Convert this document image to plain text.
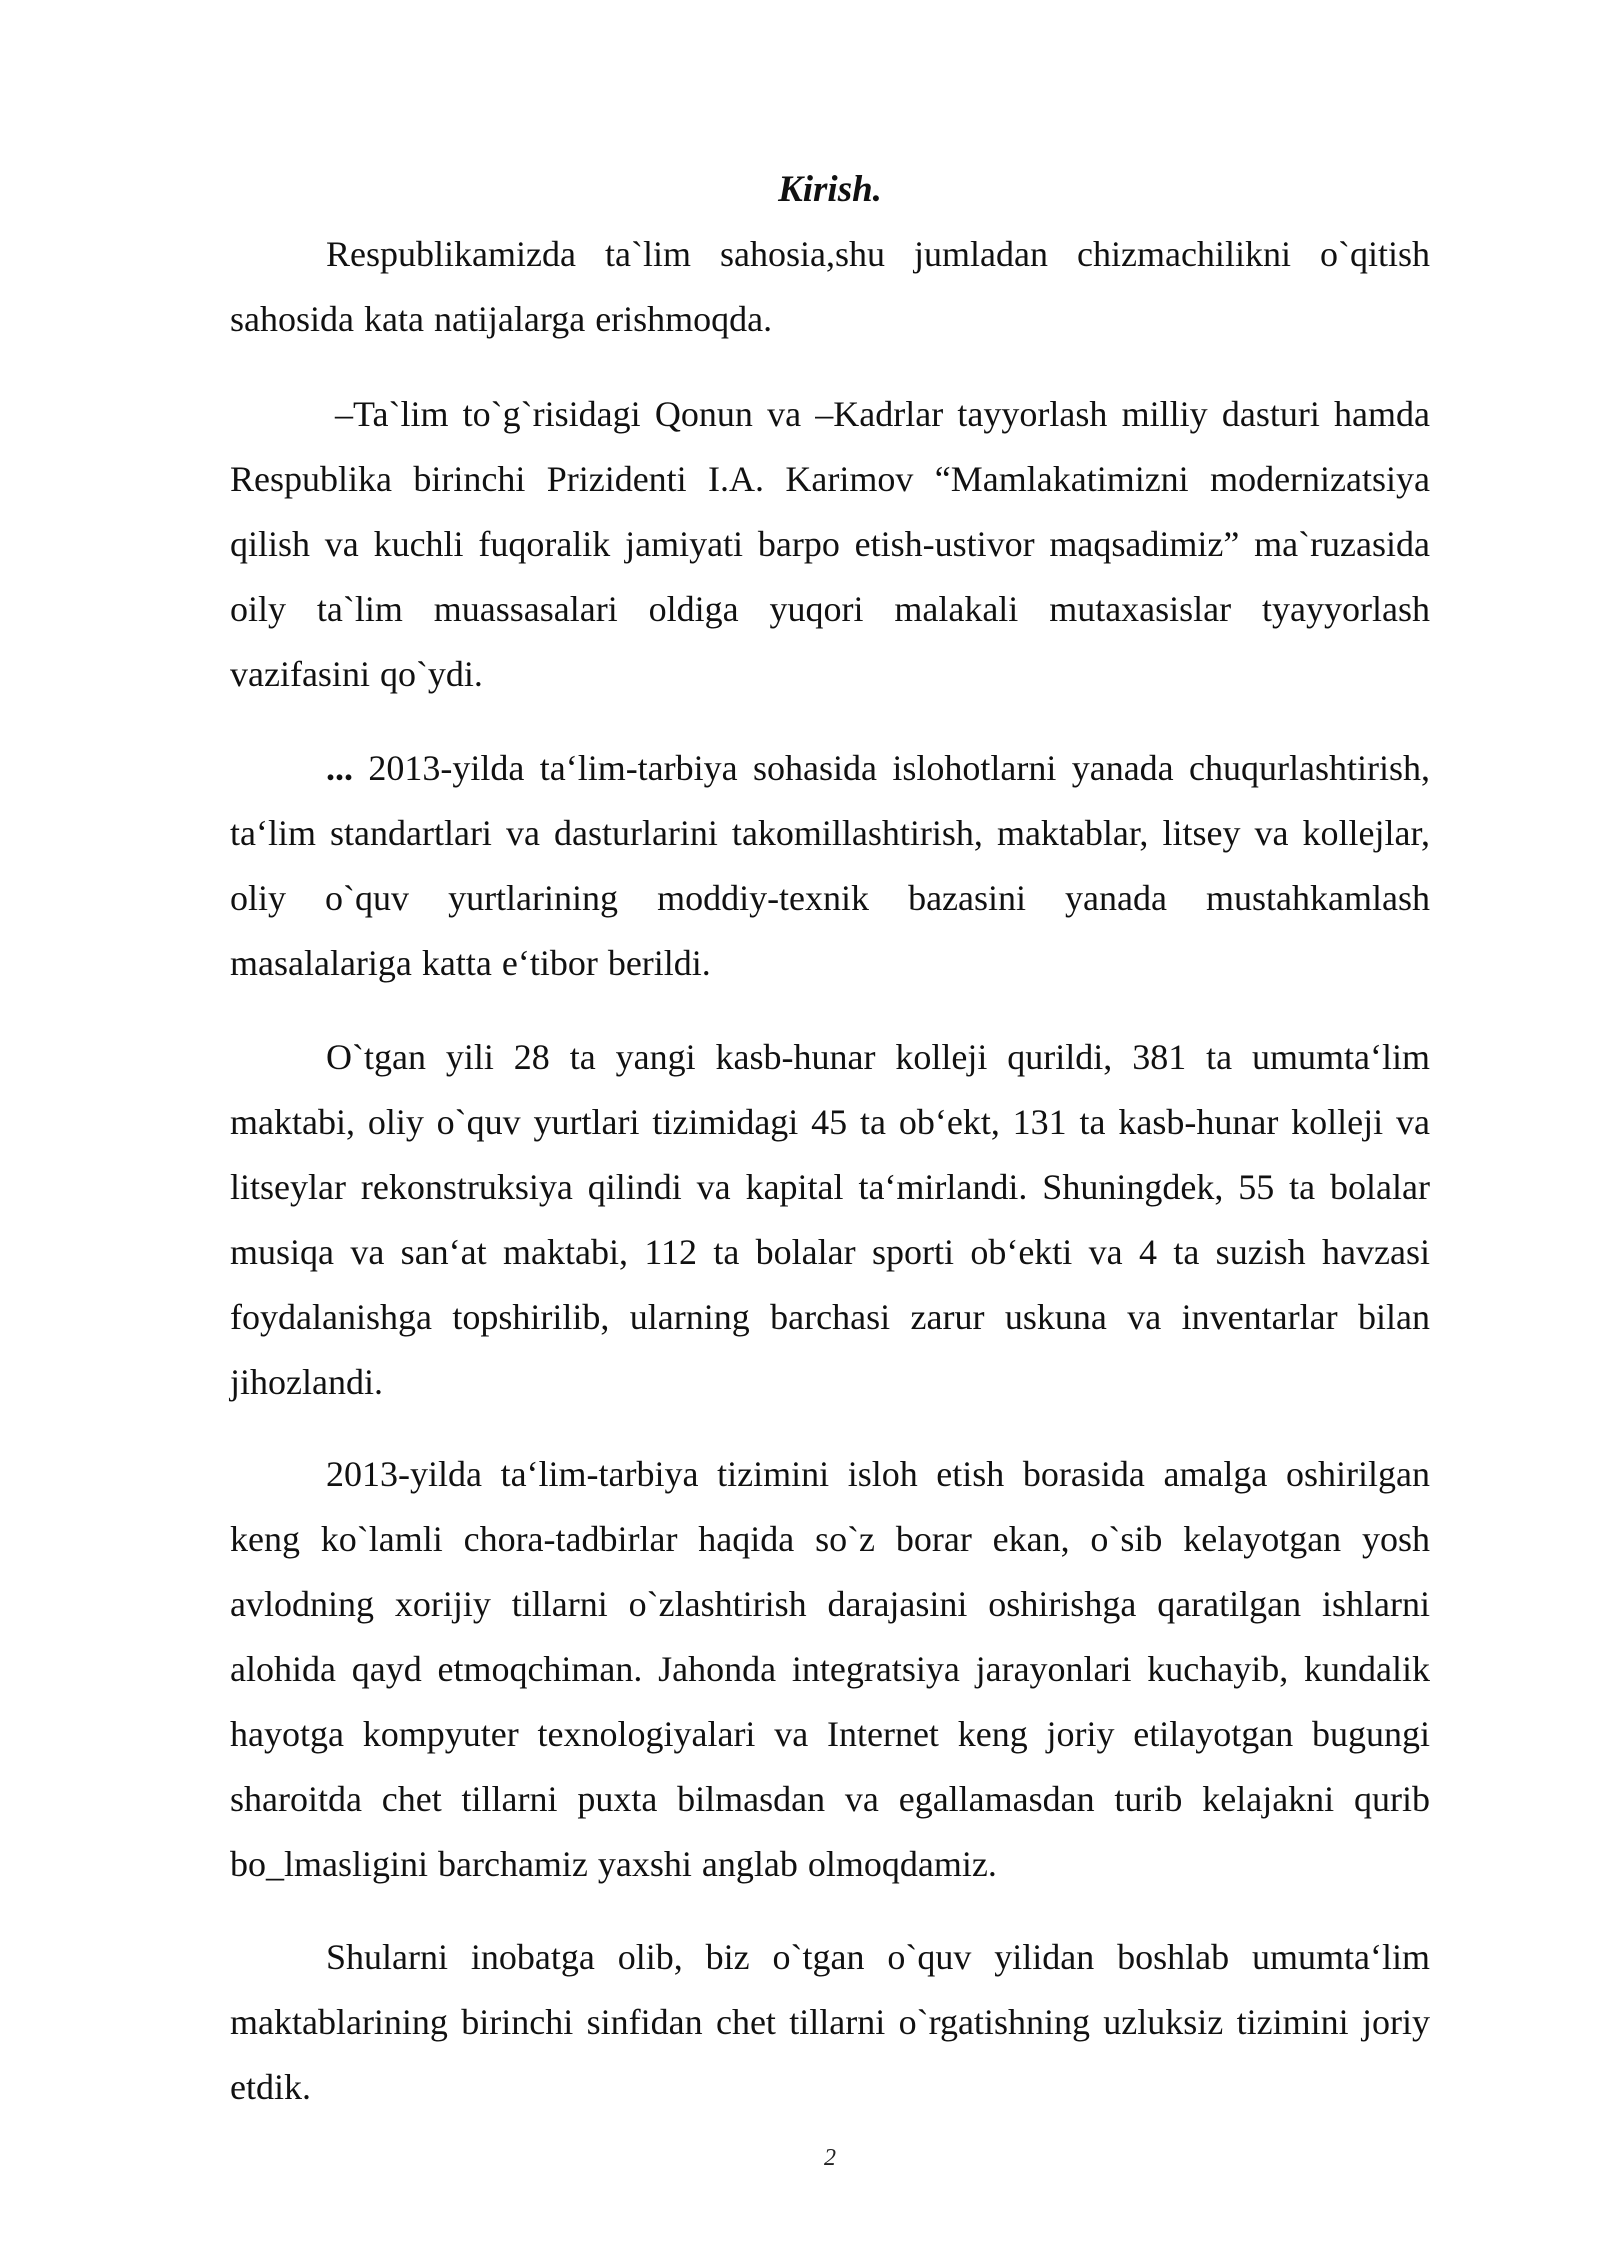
Kirish.

Respublikamizda ta`lim sahosia,shu jumladan chizmachilikni o`qitish sahosida kata natijalarga erishmoqda.

–Ta`lim to`g`risidagi Qonun va –Kadrlar tayyorlash milliy dasturi hamda Respublika birinchi Prizidenti I.A. Karimov “Mamlakatimizni modernizatsiya qilish va kuchli fuqoralik jamiyati barpo etish-ustivor maqsadimiz” ma`ruzasida oily ta`lim muassasalari oldiga yuqori malakali mutaxasislar tyayyorlash vazifasini qo`ydi.

... 2013-yilda ta‘lim-tarbiya sohasida islohotlarni yanada chuqurlashtirish, ta‘lim standartlari va dasturlarini takomillashtirish, maktablar, litsey va kollejlar, oliy o`quv yurtlarining moddiy-texnik bazasini yanada mustahkamlash masalalariga katta e‘tibor berildi.

O`tgan yili 28 ta yangi kasb-hunar kolleji qurildi, 381 ta umumta‘lim maktabi, oliy o`quv yurtlari tizimidagi 45 ta ob‘ekt, 131 ta kasb-hunar kolleji va litseylar rekonstruksiya qilindi va kapital ta‘mirlandi. Shuningdek, 55 ta bolalar musiqa va san‘at maktabi, 112 ta bolalar sporti ob‘ekti va 4 ta suzish havzasi foydalanishga topshirilib, ularning barchasi zarur uskuna va inventarlar bilan jihozlandi.

2013-yilda ta‘lim-tarbiya tizimini isloh etish borasida amalga oshirilgan keng ko`lamli chora-tadbirlar haqida so`z borar ekan, o`sib kelayotgan yosh avlodning xorijiy tillarni o`zlashtirish darajasini oshirishga qaratilgan ishlarni alohida qayd etmoqchiman. Jahonda integratsiya jarayonlari kuchayib, kundalik hayotga kompyuter texnologiyalari va Internet keng joriy etilayotgan bugungi sharoitda chet tillarni puxta bilmasdan va egallamasdan turib kelajakni qurib bo_lmasligini barchamiz yaxshi anglab olmoqdamiz.

Shularni inobatga olib, biz o`tgan o`quv yilidan boshlab umumta‘lim maktablarining birinchi sinfidan chet tillarni o`rgatishning uzluksiz tizimini joriy etdik.

2
